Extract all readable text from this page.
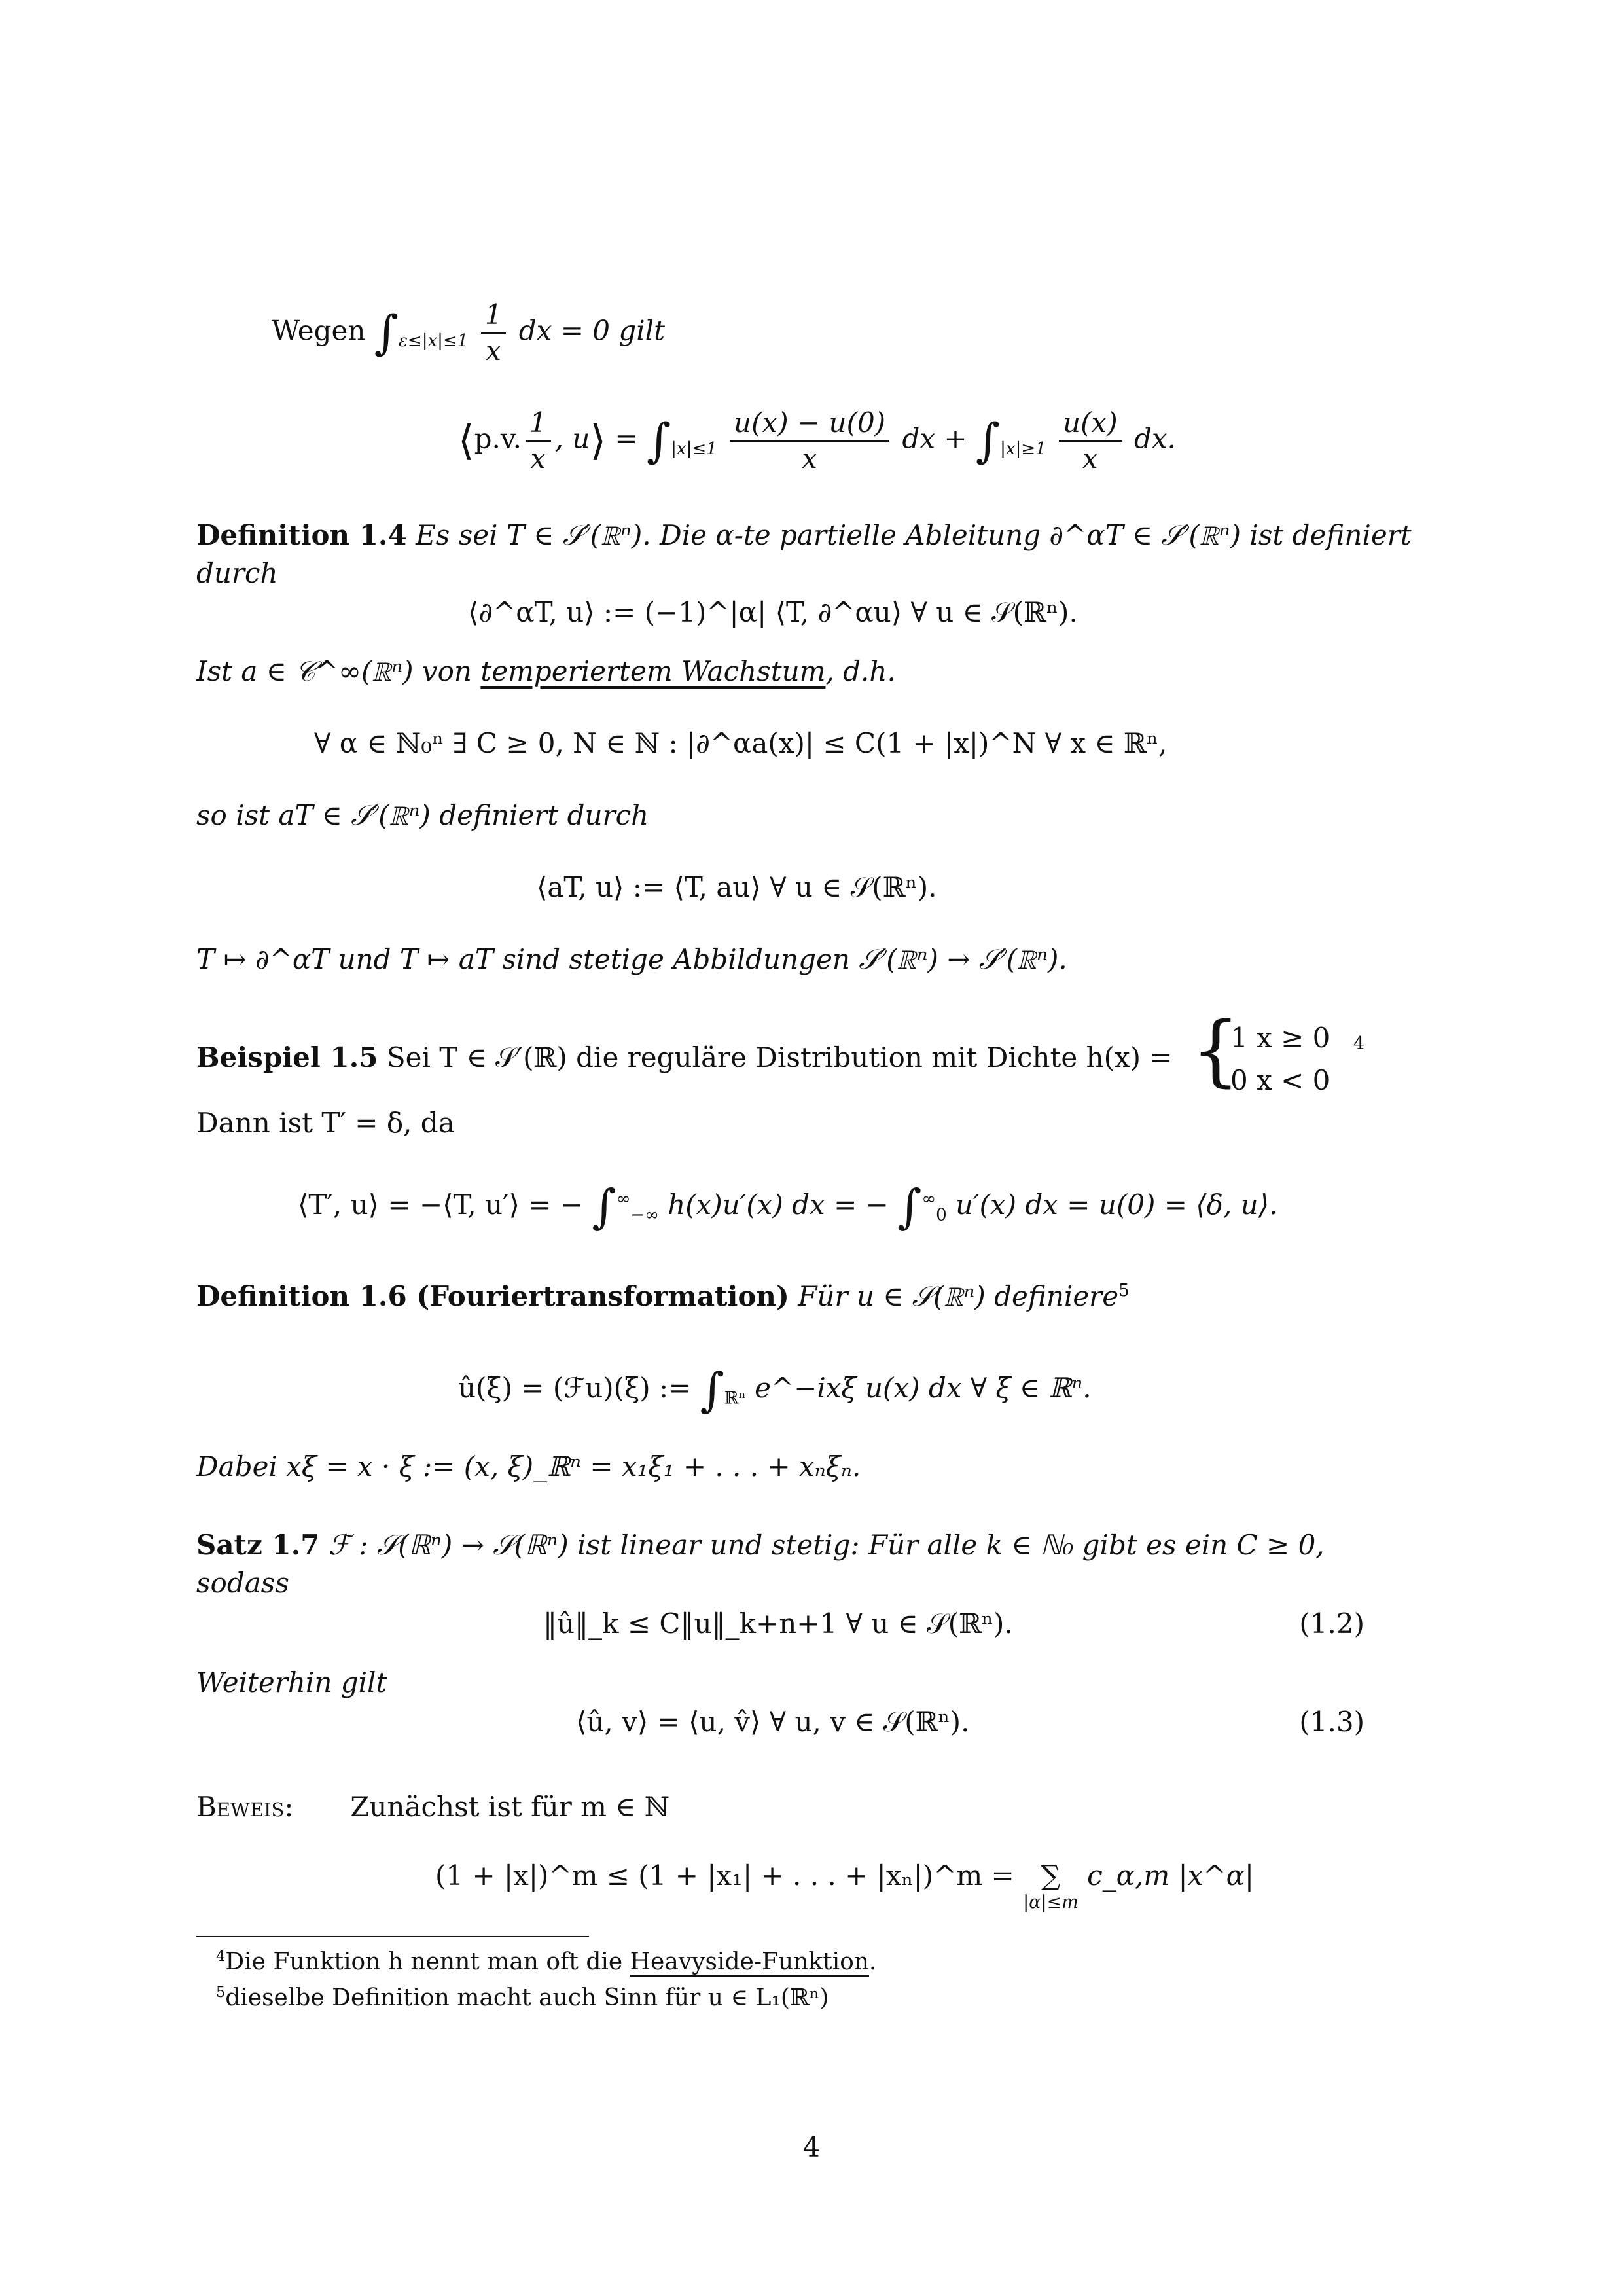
Wegen $\int_{\varepsilon\le|x|\le 1} \frac{1}{x}$ dx = 0 gilt
⟨p.v. $\frac{1}{x}$ , u⟩ = $\int_{|x|\le 1} \frac{u(x) - u(0)}{x}$ dx + $\int_{|x|\ge 1} \frac{u(x)}{x}$ dx.
Definition 1.4 Es sei T ∈ 𝒮′(ℝⁿ). Die α-te partielle Ableitung ∂^αT ∈ 𝒮′(ℝⁿ) ist definiert
durch
⟨∂^αT, u⟩ := (−1)^|α| ⟨T, ∂^αu⟩ ∀ u ∈ 𝒮(ℝⁿ).
Ist a ∈ 𝒞^∞(ℝⁿ) von temperiertem Wachstum, d.h.
∀ α ∈ ℕ₀ⁿ ∃ C ≥ 0, N ∈ ℕ : |∂^αa(x)| ≤ C(1 + |x|)^N ∀ x ∈ ℝⁿ,
so ist aT ∈ 𝒮′(ℝⁿ) definiert durch
⟨aT, u⟩ := ⟨T, au⟩ ∀ u ∈ 𝒮(ℝⁿ).
T ↦ ∂^αT und T ↦ aT sind stetige Abbildungen 𝒮′(ℝⁿ) → 𝒮′(ℝⁿ).
Beispiel 1.5 Sei T ∈ 𝒮′(ℝ) die reguläre Distribution mit Dichte h(x) = {
1 x ≥ 0
0 x < 0
4
Dann ist T′ = δ, da
⟨T′, u⟩ = −⟨T, u′⟩ = − $\int^\infty_{-\infty}$ h(x)u′(x) dx = − $\int^\infty_0$ u′(x) dx = u(0) = ⟨δ, u⟩.
Definition 1.6 (Fouriertransformation) Für u ∈ 𝒮(ℝⁿ) definiere$^5$
û(ξ) = (ℱu)(ξ) := $\int_{ℝ^n}$ e^−ixξ u(x) dx ∀ ξ ∈ ℝⁿ.
Dabei xξ = x · ξ := (x, ξ)_ℝⁿ = x₁ξ₁ + . . . + xₙξₙ.
Satz 1.7 ℱ : 𝒮(ℝⁿ) → 𝒮(ℝⁿ) ist linear und stetig: Für alle k ∈ ℕ₀ gibt es ein C ≥ 0,
sodass
‖û‖_k ≤ C‖u‖_k+n+1 ∀ u ∈ 𝒮(ℝⁿ).	(1.2)
Weiterhin gilt
⟨û, v⟩ = ⟨u, v̂⟩ ∀ u, v ∈ 𝒮(ℝⁿ).	(1.3)
Beweis: Zunächst ist für m ∈ ℕ
(1 + |x|)^m ≤ (1 + |x₁| + . . . + |xₙ|)^m = ∑
|α|≤m
c_α,m |x^α|
$^4$Die Funktion h nennt man oft die Heavyside-Funktion.
$^5$dieselbe Definition macht auch Sinn für u ∈ L₁(ℝⁿ)
4
